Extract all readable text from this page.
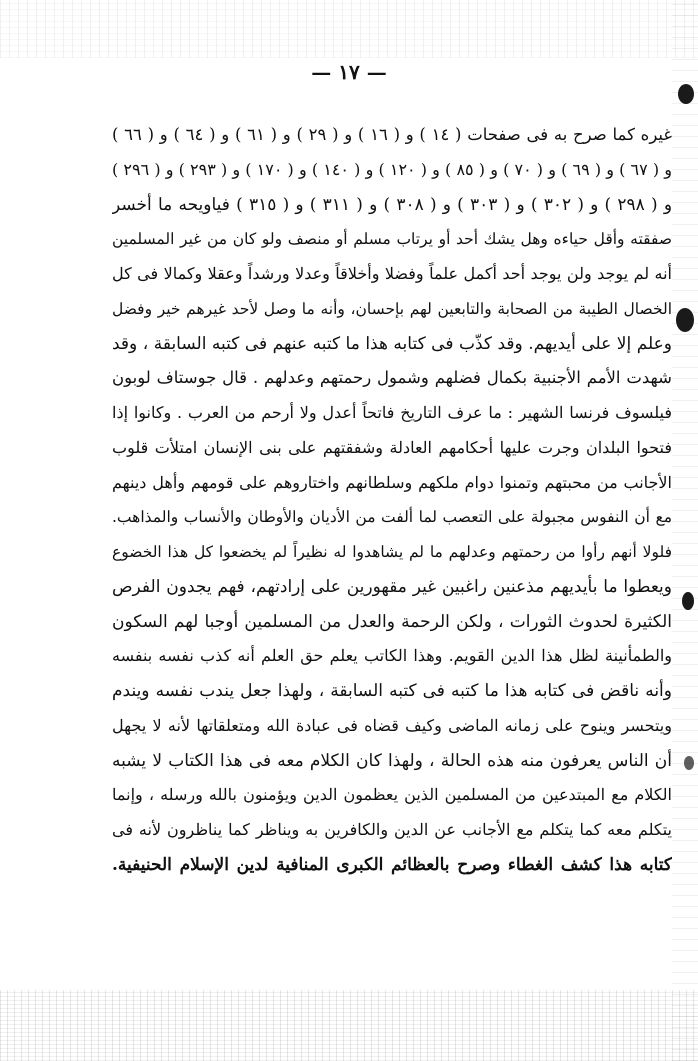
— ١٧ —
غيره كما صرح به فى صفحات ( ١٤ ) و ( ١٦ ) و ( ٢٩ ) و ( ٦١ ) و ( ٦٤ ) و ( ٦٦ )
و ( ٦٧ ) و ( ٦٩ ) و ( ٧٠ ) و ( ٨٥ ) و ( ١٢٠ ) و ( ١٤٠ ) و ( ١٧٠ ) و ( ٢٩٣ ) و ( ٢٩٦ )
و ( ٢٩٨ ) و ( ٣٠٢ ) و ( ٣٠٣ ) و ( ٣٠٨ ) و ( ٣١١ ) و ( ٣١٥ ) فياويحه ما أخسر
صفقته وأقل حياءه وهل يشك أحد أو يرتاب مسلم أو منصف ولو كان من غير المسلمين
أنه لم يوجد ولن يوجد أحد أكمل علماً وفضلا وأخلاقاً وعدلا ورشداً وعقلا وكمالا فى كل
الخصال الطيبة من الصحابة والتابعين لهم بإحسان، وأنه ما وصل لأحد غيرهم خير وفضل
وعلم إلا على أيديهم. وقد كذّب فى كتابه هذا ما كتبه عنهم فى كتبه السابقة ، وقد
شهدت الأمم الأجنبية بكمال فضلهم وشمول رحمتهم وعدلهم . قال جوستاف لوبون
فيلسوف فرنسا الشهير : ما عرف التاريخ فاتحاً أعدل ولا أرحم من العرب . وكانوا إذا
فتحوا البلدان وجرت عليها أحكامهم العادلة وشفقتهم على بنى الإنسان امتلأت قلوب
الأجانب من محبتهم وتمنوا دوام ملكهم وسلطانهم واختاروهم على قومهم وأهل دينهم
مع أن النفوس مجبولة على التعصب لما ألفت من الأديان والأوطان والأنساب والمذاهب.
فلولا أنهم رأوا من رحمتهم وعدلهم ما لم يشاهدوا له نظيراً لم يخضعوا كل هذا الخضوع
ويعطوا ما بأيديهم مذعنين راغبين غير مقهورين على إرادتهم، فهم يجدون الفرص
الكثيرة لحدوث الثورات ، ولكن الرحمة والعدل من المسلمين أوجبا لهم السكون
والطمأنينة لظل هذا الدين القويم. وهذا الكاتب يعلم حق العلم أنه كذب نفسه بنفسه
وأنه ناقض فى كتابه هذا ما كتبه فى كتبه السابقة ، ولهذا جعل يندب نفسه ويندم
ويتحسر وينوح على زمانه الماضى وكيف قضاه فى عبادة الله ومتعلقاتها لأنه لا يجهل
أن الناس يعرفون منه هذه الحالة ، ولهذا كان الكلام معه فى هذا الكتاب لا يشبه
الكلام مع المبتدعين من المسلمين الذين يعظمون الدين ويؤمنون بالله ورسله ، وإنما
يتكلم معه كما يتكلم مع الأجانب عن الدين والكافرين به ويناظر كما يناظرون لأنه فى
كتابه هذا كشف الغطاء وصرح بالعظائم الكبرى المنافية لدين الإسلام الحنيفية.
